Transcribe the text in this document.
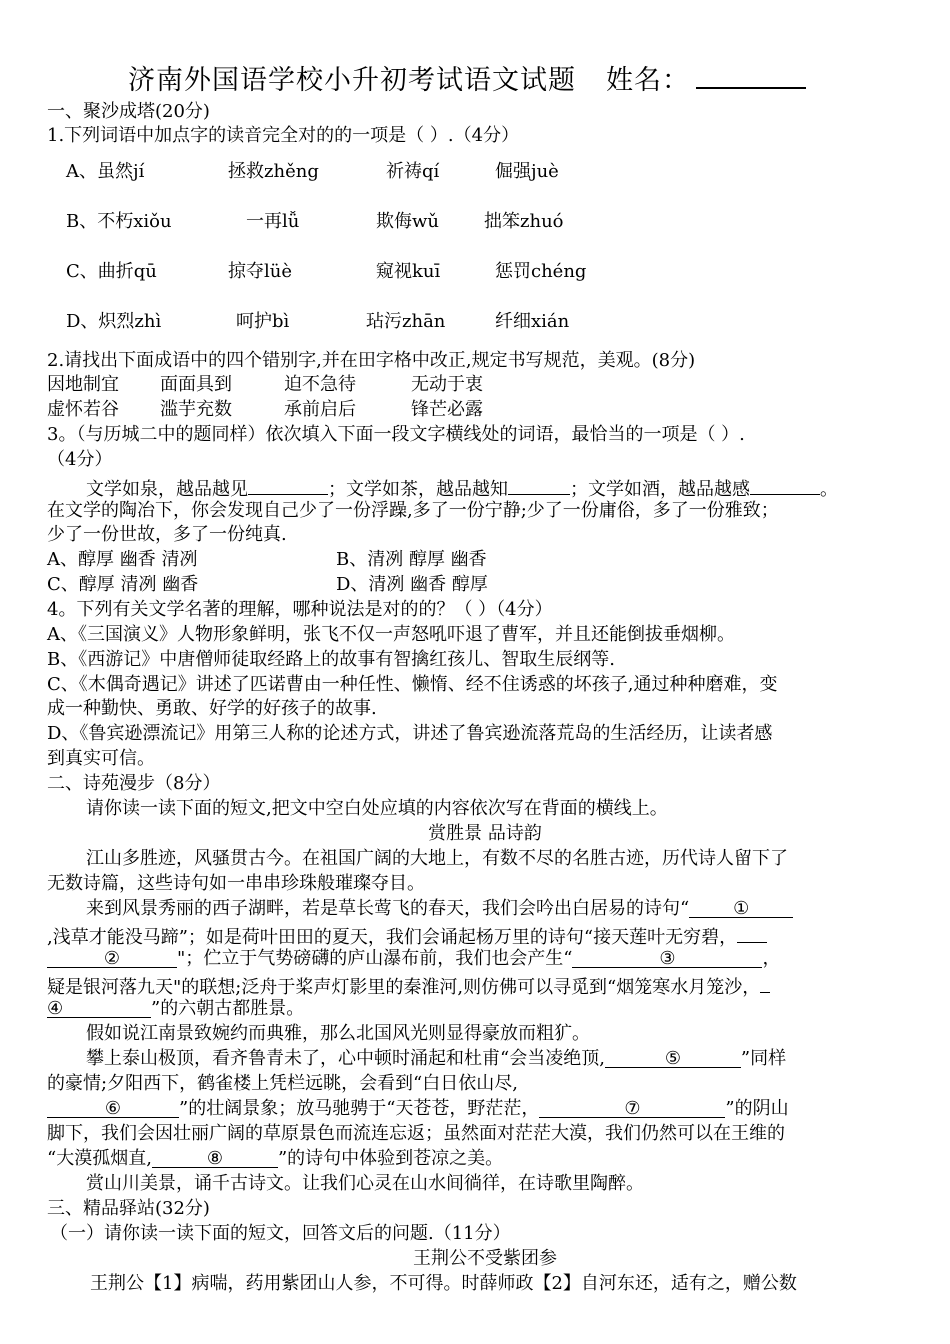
济南外国语学校小升初考试语文试题 姓名：
一、聚沙成塔(20分)
1.下列词语中加点字的读音完全对的的一项是（ ）.（4分）
A、虽然jí	拯救zhěng	祈祷qí	倔强juè
B、不朽xiǒu	一再lǚ	欺侮wǔ	拙笨zhuó
C、曲折qū	掠夺lüè	窥视kuī	惩罚chéng
D、炽烈zhì	呵护bì	玷污zhān	纤细xián
2.请找出下面成语中的四个错别字,并在田字格中改正,规定书写规范，美观。(8分)
因地制宜 面面具到	迫不急待	无动于衷
虚怀若谷 滥芋充数	承前启后	锋芒必露
3。（与历城二中的题同样）依次填入下面一段文字横线处的词语，最恰当的一项是（ ）.
（4分）
文学如泉，越品越见	；文学如茶，越品越知	；文学如酒，越品越感	。
在文学的陶冶下，你会发现自己少了一份浮躁,多了一份宁静;少了一份庸俗，多了一份雅致；
少了一份世故，多了一份纯真.
A、醇厚 幽香 清冽	B、清冽 醇厚 幽香
C、醇厚 清冽 幽香	D、清冽 幽香 醇厚
4。下列有关文学名著的理解，哪种说法是对的的？（ ）（4分）
A、《三国演义》人物形象鲜明，张飞不仅一声怒吼吓退了曹军，并且还能倒拔垂烟柳。
B、《西游记》中唐僧师徒取经路上的故事有智擒红孩儿、智取生辰纲等.
C、《木偶奇遇记》讲述了匹诺曹由一种任性、懒惰、经不住诱惑的坏孩子,通过种种磨难，变
成一种勤快、勇敢、好学的好孩子的故事.
D、《鲁宾逊漂流记》用第三人称的论述方式，讲述了鲁宾逊流落荒岛的生活经历，让读者感
到真实可信。
二、诗苑漫步（8分）
请你读一读下面的短文,把文中空白处应填的内容依次写在背面的横线上。
赏胜景 品诗韵
江山多胜迹，风骚贯古今。在祖国广阔的大地上，有数不尽的名胜古迹，历代诗人留下了
无数诗篇，这些诗句如一串串珍珠般璀璨夺目。
来到风景秀丽的西子湖畔，若是草长莺飞的春天，我们会吟出白居易的诗句“ ①
,浅草才能没马蹄”；如是荷叶田田的夏天，我们会诵起杨万里的诗句“接天莲叶无穷碧，
②	"；伫立于气势磅礴的庐山瀑布前，我们也会产生“	③	，
疑是银河落九天"的联想;泛舟于桨声灯影里的秦淮河,则仿佛可以寻觅到“烟笼寒水月笼沙，
④	”的六朝古都胜景。
假如说江南景致婉约而典雅，那么北国风光则显得豪放而粗犷。
攀上泰山极顶，看齐鲁青未了，心中顿时涌起和杜甫“会当凌绝顶,	⑤	”同样
的豪情;夕阳西下，鹤雀楼上凭栏远眺，会看到“白日依山尽,
⑥	”的壮阔景象；放马驰骋于“天苍苍，野茫茫，	⑦	”的阴山
脚下，我们会因壮丽广阔的草原景色而流连忘返；虽然面对茫茫大漠，我们仍然可以在王维的
“大漠孤烟直,	⑧	”的诗句中体验到苍凉之美。
赏山川美景，诵千古诗文。让我们心灵在山水间徜徉，在诗歌里陶醉。
三、精品驿站(32分)
（一）请你读一读下面的短文，回答文后的问题.（11分）
王荆公不受紫团参
王荆公【1】病喘，药用紫团山人参，不可得。时薛师政【2】自河东还，适有之，赠公数
